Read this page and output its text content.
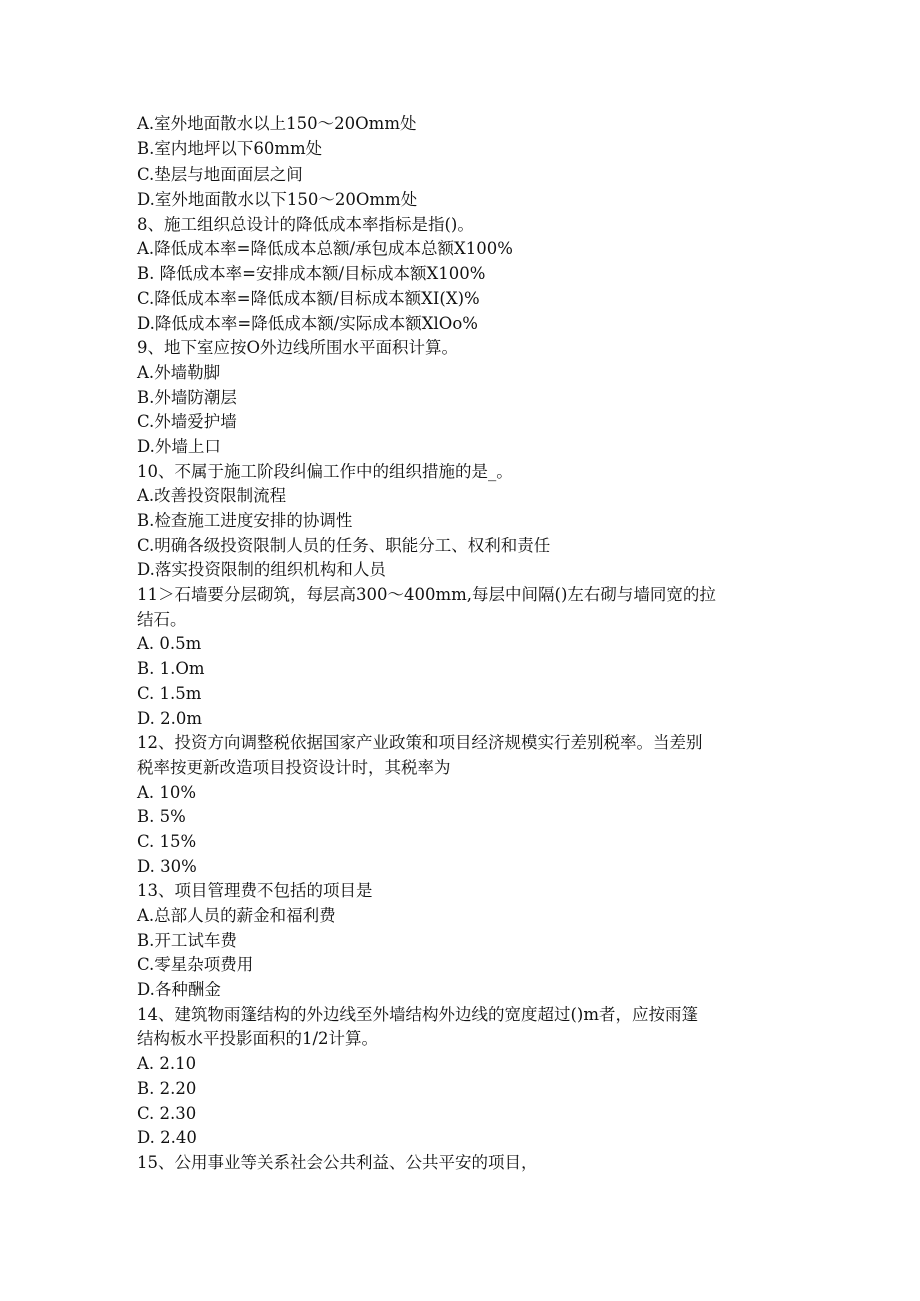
A.室外地面散水以上150～20Omm处
B.室内地坪以下60mm处
C.垫层与地面面层之间
D.室外地面散水以下150～20Omm处
8、施工组织总设计的降低成本率指标是指()。
A.降低成本率=降低成本总额/承包成本总额X100%
B. 降低成本率=安排成本额/目标成本额X100%
C.降低成本率=降低成本额/目标成本额XI(X)%
D.降低成本率=降低成本额/实际成本额XlOo%
9、地下室应按O外边线所围水平面积计算。
A.外墙勒脚
B.外墙防潮层
C.外墙爱护墙
D.外墙上口
10、不属于施工阶段纠偏工作中的组织措施的是_。
A.改善投资限制流程
B.检查施工进度安排的协调性
C.明确各级投资限制人员的任务、职能分工、权利和责任
D.落实投资限制的组织机构和人员
11＞石墙要分层砌筑，每层高300～400mm,每层中间隔()左右砌与墙同宽的拉
结石。
A. 0.5m
B. 1.Om
C. 1.5m
D. 2.0m
12、投资方向调整税依据国家产业政策和项目经济规模实行差别税率。当差别
税率按更新改造项目投资设计时，其税率为
A. 10%
B. 5%
C. 15%
D. 30%
13、项目管理费不包括的项目是
A.总部人员的薪金和福利费
B.开工试车费
C.零星杂项费用
D.各种酬金
14、建筑物雨篷结构的外边线至外墙结构外边线的宽度超过()m者，应按雨篷
结构板水平投影面积的1/2计算。
A. 2.10
B. 2.20
C. 2.30
D. 2.40
15、公用事业等关系社会公共利益、公共平安的项目，
